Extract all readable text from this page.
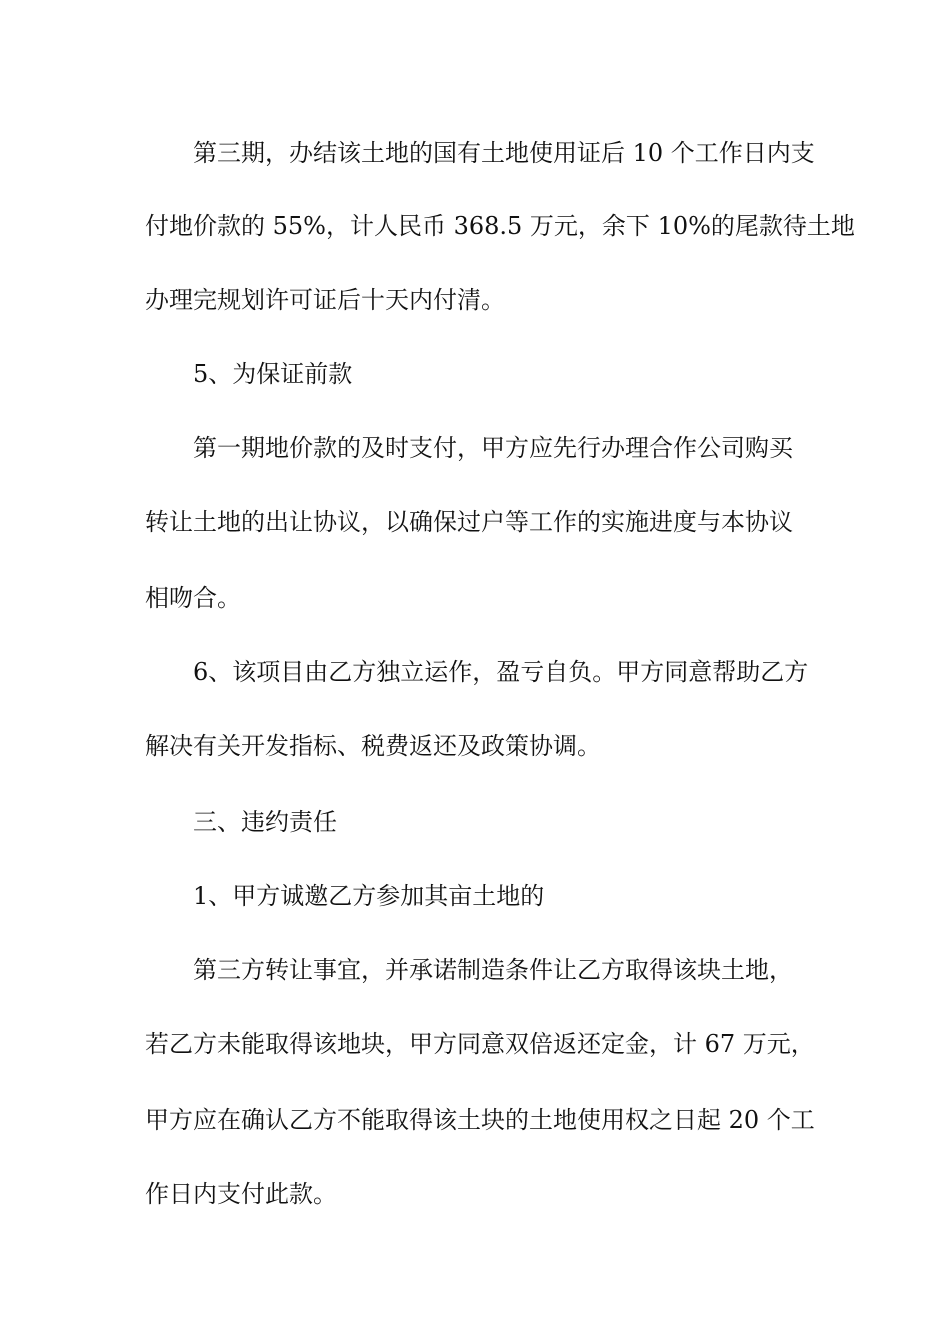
第三期，办结该土地的国有土地使用证后 10 个工作日内支
付地价款的 55%，计人民币 368.5 万元，余下 10%的尾款待土地
办理完规划许可证后十天内付清。
5、为保证前款
第一期地价款的及时支付，甲方应先行办理合作公司购买
转让土地的出让协议，以确保过户等工作的实施进度与本协议
相吻合。
6、该项目由乙方独立运作，盈亏自负。甲方同意帮助乙方
解决有关开发指标、税费返还及政策协调。
三、违约责任
1、甲方诚邀乙方参加其亩土地的
第三方转让事宜，并承诺制造条件让乙方取得该块土地，
若乙方未能取得该地块，甲方同意双倍返还定金，计 67 万元，
甲方应在确认乙方不能取得该土块的土地使用权之日起 20 个工
作日内支付此款。
